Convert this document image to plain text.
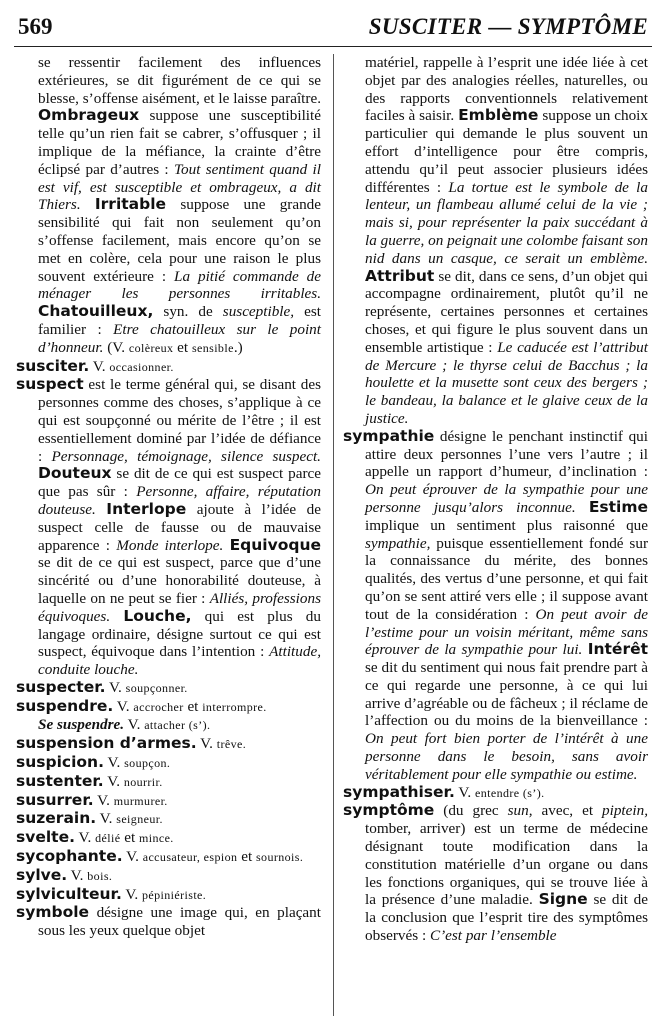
569	SUSCITER — SYMPTÔME

se ressentir facilement des influences extérieures, se dit figurément de ce qui se blesse, s’offense aisément, et le laisse paraître. Ombrageux suppose une susceptibilité telle qu’un rien fait se cabrer, s’offusquer ; il implique de la méfiance, la crainte d’être éclipsé par d’autres : Tout sentiment quand il est vif, est susceptible et ombrageux, a dit Thiers. Irritable suppose une grande sensibilité qui fait non seulement qu’on s’offense facilement, mais encore qu’on se met en colère, cela pour une raison le plus souvent extérieure : La pitié commande de ménager les personnes irritables. Chatouilleux, syn. de susceptible, est familier : Etre chatouilleux sur le point d’honneur. (V. colèreux et sensible.)

susciter. V. occasionner.

suspect est le terme général qui, se disant des personnes comme des choses, s’applique à ce qui est soupçonné ou mérite de l’être ; il est essentiellement dominé par l’idée de défiance : Personnage, témoignage, silence suspect. Douteux se dit de ce qui est suspect parce que pas sûr : Personne, affaire, réputation douteuse. Interlope ajoute à l’idée de suspect celle de fausse ou de mauvaise apparence : Monde interlope. Equivoque se dit de ce qui est suspect, parce que d’une sincérité ou d’une honorabilité douteuse, à laquelle on ne peut se fier : Alliés, professions équivoques. Louche, qui est plus du langage ordinaire, désigne surtout ce qui est suspect, équivoque dans l’intention : Attitude, conduite louche.

suspecter. V. soupçonner.

suspendre. V. accrocher et interrompre.

Se suspendre. V. attacher (s’).

suspension d’armes. V. trêve.

suspicion. V. soupçon.

sustenter. V. nourrir.

susurrer. V. murmurer.

suzerain. V. seigneur.

svelte. V. délié et mince.

sycophante. V. accusateur, espion et sournois.

sylve. V. bois.

sylviculteur. V. pépiniériste.

symbole désigne une image qui, en plaçant sous les yeux quelque objet

matériel, rappelle à l’esprit une idée liée à cet objet par des analogies réelles, naturelles, ou des rapports conventionnels relativement faciles à saisir. Emblème suppose un choix particulier qui demande le plus souvent un effort d’intelligence pour être compris, attendu qu’il peut associer plusieurs idées différentes : La tortue est le symbole de la lenteur, un flambeau allumé celui de la vie ; mais si, pour représenter la paix succédant à la guerre, on peignait une colombe faisant son nid dans un casque, ce serait un emblème. Attribut se dit, dans ce sens, d’un objet qui accompagne ordinairement, plutôt qu’il ne représente, certaines personnes et certaines choses, et qui figure le plus souvent dans un ensemble artistique : Le caducée est l’attribut de Mercure ; le thyrse celui de Bacchus ; la houlette et la musette sont ceux des bergers ; le bandeau, la balance et le glaive ceux de la justice.

sympathie désigne le penchant instinctif qui attire deux personnes l’une vers l’autre ; il appelle un rapport d’humeur, d’inclination : On peut éprouver de la sympathie pour une personne jusqu’alors inconnue. Estime implique un sentiment plus raisonné que sympathie, puisque essentiellement fondé sur la connaissance du mérite, des bonnes qualités, des vertus d’une personne, et qui fait qu’on se sent attiré vers elle ; il suppose avant tout de la considération : On peut avoir de l’estime pour un voisin méritant, même sans éprouver de la sympathie pour lui. Intérêt se dit du sentiment qui nous fait prendre part à ce qui regarde une personne, à ce qui lui arrive d’agréable ou de fâcheux ; il réclame de l’affection ou du moins de la bienveillance : On peut fort bien porter de l’intérêt à une personne dans le besoin, sans avoir véritablement pour elle sympathie ou estime.

sympathiser. V. entendre (s’).

symptôme (du grec sun, avec, et piptein, tomber, arriver) est un terme de médecine désignant toute modification dans la constitution matérielle d’un organe ou dans les fonctions organiques, qui se trouve liée à la présence d’une maladie. Signe se dit de la conclusion que l’esprit tire des symptômes observés : C’est par l’ensemble
